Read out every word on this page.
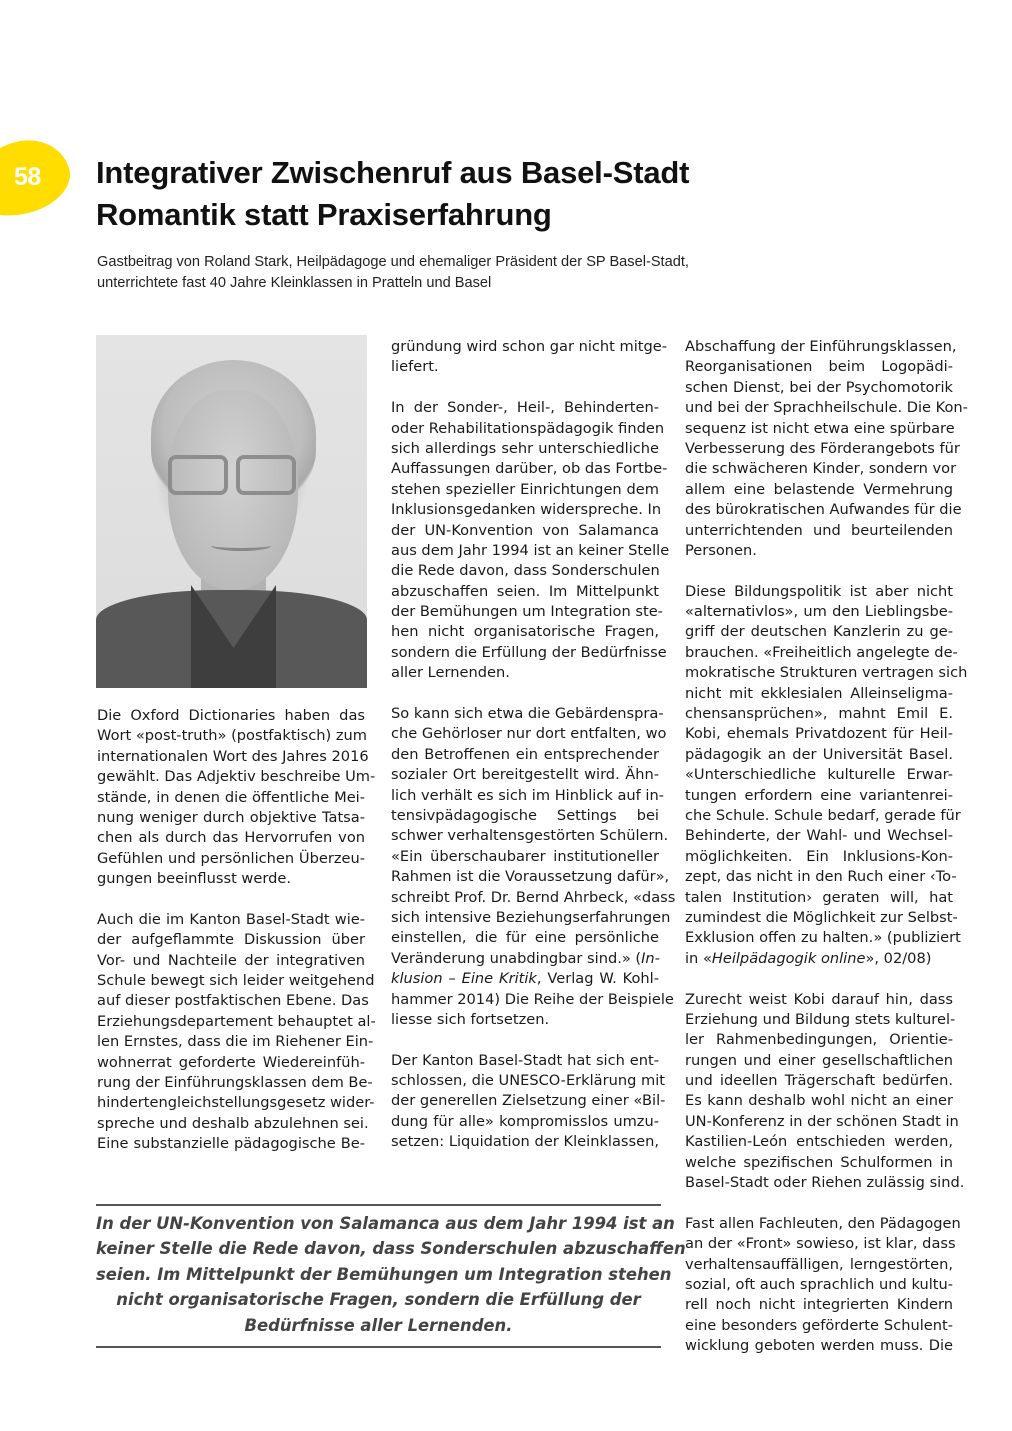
58 Integrativer Zwischenruf aus Basel-Stadt
Romantik statt Praxiserfahrung

Gastbeitrag von Roland Stark, Heilpädagoge und ehemaliger Präsident der SP Basel-Stadt,
unterrichtete fast 40 Jahre Kleinklassen in Pratteln und Basel

Die Oxford Dictionaries haben das
Wort «post-truth» (postfaktisch) zum
internationalen Wort des Jahres 2016
gewählt. Das Adjektiv beschreibe Um-
stände, in denen die öffentliche Mei-
nung weniger durch objektive Tatsa-
chen als durch das Hervorrufen von
Gefühlen und persönlichen Überzeu-
gungen beeinflusst werde.
Auch die im Kanton Basel-Stadt wie-
der aufgeflammte Diskussion über
Vor- und Nachteile der integrativen
Schule bewegt sich leider weitgehend
auf dieser postfaktischen Ebene. Das
Erziehungsdepartement behauptet al-
len Ernstes, dass die im Riehener Ein-
wohnerrat geforderte Wiedereinfüh-
rung der Einführungsklassen dem Be-
hindertengleichstellungsgesetz wider-
spreche und deshalb abzulehnen sei.
Eine substanzielle pädagogische Be-
gründung wird schon gar nicht mitge-
liefert.
In der Sonder-, Heil-, Behinderten-
oder Rehabilitationspädagogik finden
sich allerdings sehr unterschiedliche
Auffassungen darüber, ob das Fortbe-
stehen spezieller Einrichtungen dem
Inklusionsgedanken widerspreche. In
der UN-Konvention von Salamanca
aus dem Jahr 1994 ist an keiner Stelle
die Rede davon, dass Sonderschulen
abzuschaffen seien. Im Mittelpunkt
der Bemühungen um Integration ste-
hen nicht organisatorische Fragen,
sondern die Erfüllung der Bedürfnisse
aller Lernenden.
So kann sich etwa die Gebärdenspra-
che Gehörloser nur dort entfalten, wo
den Betroffenen ein entsprechender
sozialer Ort bereitgestellt wird. Ähn-
lich verhält es sich im Hinblick auf in-
tensivpädagogische Settings bei
schwer verhaltensgestörten Schülern.
«Ein überschaubarer institutioneller
Rahmen ist die Voraussetzung dafür»,
schreibt Prof. Dr. Bernd Ahrbeck, «dass
sich intensive Beziehungserfahrungen
einstellen, die für eine persönliche
Veränderung unabdingbar sind.» (In-
klusion – Eine Kritik, Verlag W. Kohl-
hammer 2014) Die Reihe der Beispiele
liesse sich fortsetzen.
Der Kanton Basel-Stadt hat sich ent-
schlossen, die UNESCO-Erklärung mit
der generellen Zielsetzung einer «Bil-
dung für alle» kompromisslos umzu-
setzen: Liquidation der Kleinklassen,
Abschaffung der Einführungsklassen,
Reorganisationen beim Logopädi-
schen Dienst, bei der Psychomotorik
und bei der Sprachheilschule. Die Kon-
sequenz ist nicht etwa eine spürbare
Verbesserung des Förderangebots für
die schwächeren Kinder, sondern vor
allem eine belastende Vermehrung
des bürokratischen Aufwandes für die
unterrichtenden und beurteilenden
Personen.
Diese Bildungspolitik ist aber nicht
«alternativlos», um den Lieblingsbe-
griff der deutschen Kanzlerin zu ge-
brauchen. «Freiheitlich angelegte de-
mokratische Strukturen vertragen sich
nicht mit ekklesialen Alleinseligma-
chensansprüchen», mahnt Emil E.
Kobi, ehemals Privatdozent für Heil-
pädagogik an der Universität Basel.
«Unterschiedliche kulturelle Erwar-
tungen erfordern eine variantenrei-
che Schule. Schule bedarf, gerade für
Behinderte, der Wahl- und Wechsel-
möglichkeiten. Ein Inklusions-Kon-
zept, das nicht in den Ruch einer ‹To-
talen Institution› geraten will, hat
zumindest die Möglichkeit zur Selbst-
Exklusion offen zu halten.» (publiziert
in «Heilpädagogik online», 02/08)
Zurecht weist Kobi darauf hin, dass
Erziehung und Bildung stets kulturel-
ler Rahmenbedingungen, Orientie-
rungen und einer gesellschaftlichen
und ideellen Trägerschaft bedürfen.
Es kann deshalb wohl nicht an einer
UN-Konferenz in der schönen Stadt in
Kastilien-León entschieden werden,
welche spezifischen Schulformen in
Basel-Stadt oder Riehen zulässig sind.
Fast allen Fachleuten, den Pädagogen
an der «Front» sowieso, ist klar, dass
verhaltensauffälligen, lerngestörten,
sozial, oft auch sprachlich und kultu-
rell noch nicht integrierten Kindern
eine besonders geförderte Schulent-
wicklung geboten werden muss. Die
In der UN-Konvention von Salamanca aus dem Jahr 1994 ist an
keiner Stelle die Rede davon, dass Sonderschulen abzuschaffen
seien. Im Mittelpunkt der Bemühungen um Integration stehen
nicht organisatorische Fragen, sondern die Erfüllung der
Bedürfnisse aller Lernenden.
